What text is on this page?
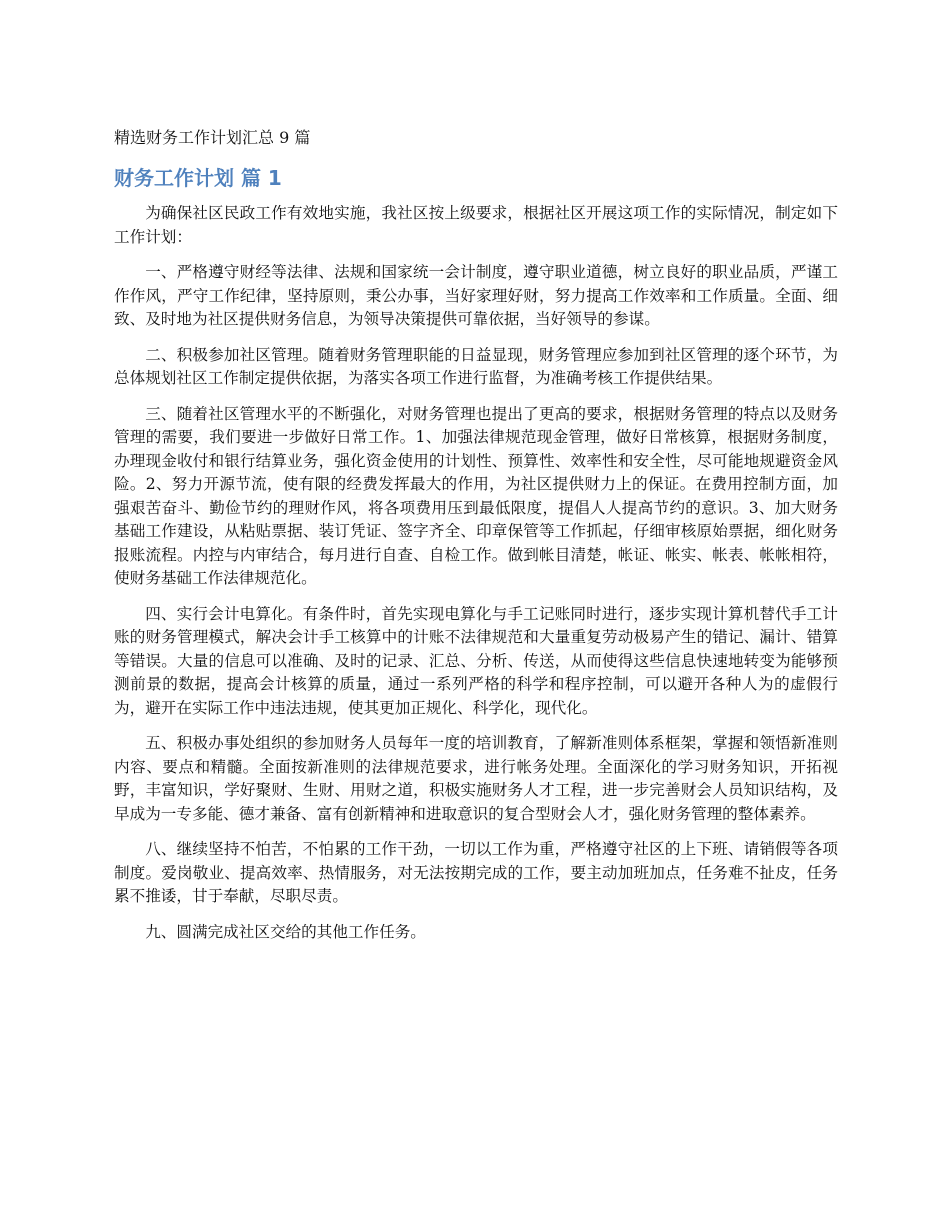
精选财务工作计划汇总 9 篇
财务工作计划 篇 1

为确保社区民政工作有效地实施，我社区按上级要求，根据社区开展这项工作的实际情况，制定如下工作计划：

一、严格遵守财经等法律、法规和国家统一会计制度，遵守职业道德，树立良好的职业品质，严谨工作作风，严守工作纪律，坚持原则，秉公办事，当好家理好财，努力提高工作效率和工作质量。全面、细致、及时地为社区提供财务信息，为领导决策提供可靠依据，当好领导的参谋。

二、积极参加社区管理。随着财务管理职能的日益显现，财务管理应参加到社区管理的逐个环节，为总体规划社区工作制定提供依据，为落实各项工作进行监督，为准确考核工作提供结果。

三、随着社区管理水平的不断强化，对财务管理也提出了更高的要求，根据财务管理的特点以及财务管理的需要，我们要进一步做好日常工作。1、加强法律规范现金管理，做好日常核算，根据财务制度，办理现金收付和银行结算业务，强化资金使用的计划性、预算性、效率性和安全性，尽可能地规避资金风险。2、努力开源节流，使有限的经费发挥最大的作用，为社区提供财力上的保证。在费用控制方面，加强艰苦奋斗、勤俭节约的理财作风，将各项费用压到最低限度，提倡人人提高节约的意识。3、加大财务基础工作建设，从粘贴票据、装订凭证、签字齐全、印章保管等工作抓起，仔细审核原始票据，细化财务报账流程。内控与内审结合，每月进行自查、自检工作。做到帐目清楚，帐证、帐实、帐表、帐帐相符，使财务基础工作法律规范化。

四、实行会计电算化。有条件时，首先实现电算化与手工记账同时进行，逐步实现计算机替代手工计账的财务管理模式，解决会计手工核算中的计账不法律规范和大量重复劳动极易产生的错记、漏计、错算等错误。大量的信息可以准确、及时的记录、汇总、分析、传送，从而使得这些信息快速地转变为能够预测前景的数据，提高会计核算的质量，通过一系列严格的科学和程序控制，可以避开各种人为的虚假行为，避开在实际工作中违法违规，使其更加正规化、科学化，现代化。

五、积极办事处组织的参加财务人员每年一度的培训教育，了解新准则体系框架，掌握和领悟新准则内容、要点和精髓。全面按新准则的法律规范要求，进行帐务处理。全面深化的学习财务知识，开拓视野，丰富知识，学好聚财、生财、用财之道，积极实施财务人才工程，进一步完善财会人员知识结构，及早成为一专多能、德才兼备、富有创新精神和进取意识的复合型财会人才，强化财务管理的整体素养。

八、继续坚持不怕苦，不怕累的工作干劲，一切以工作为重，严格遵守社区的上下班、请销假等各项制度。爱岗敬业、提高效率、热情服务，对无法按期完成的工作，要主动加班加点，任务难不扯皮，任务累不推诿，甘于奉献，尽职尽责。

九、圆满完成社区交给的其他工作任务。
